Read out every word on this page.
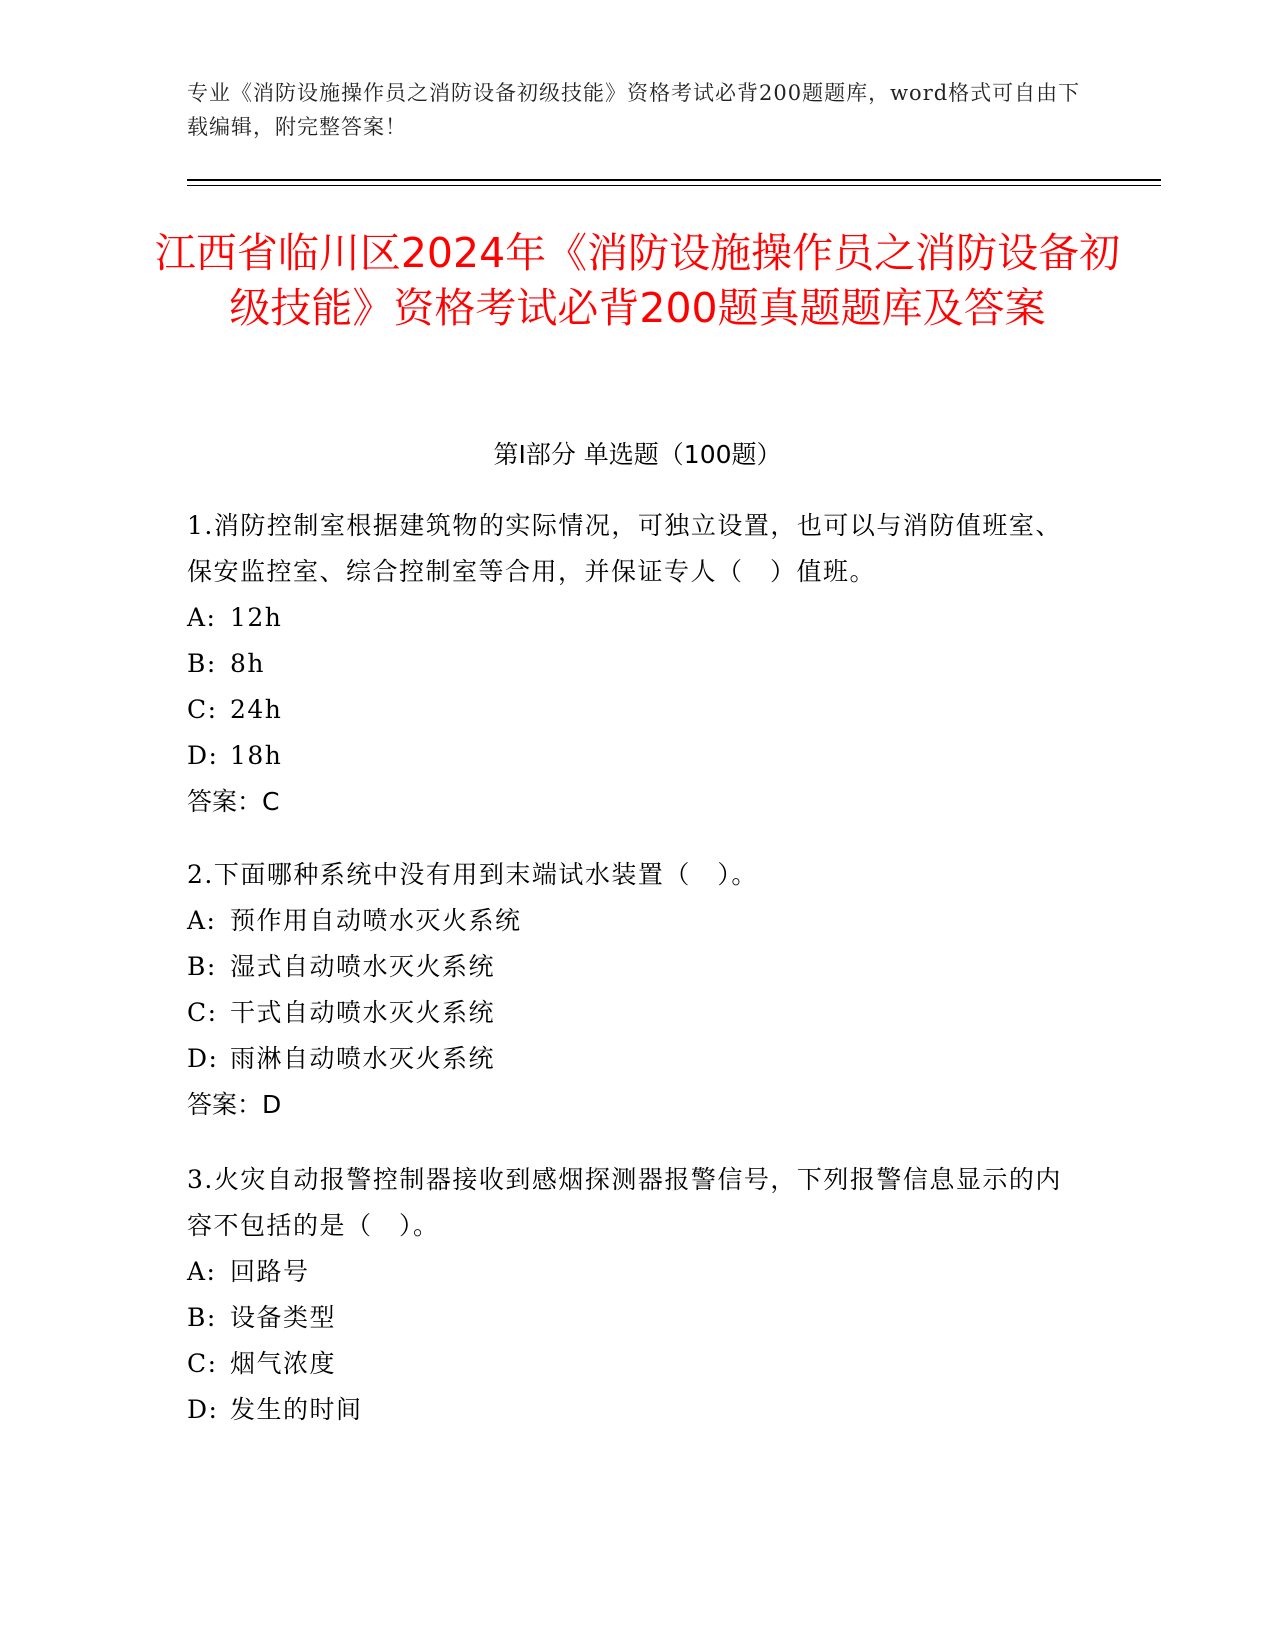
专业《消防设施操作员之消防设备初级技能》资格考试必背200题题库，word格式可自由下载编辑，附完整答案！
江西省临川区2024年《消防设施操作员之消防设备初级技能》资格考试必背200题真题题库及答案
第Ⅰ部分 单选题（100题）

1.消防控制室根据建筑物的实际情况，可独立设置，也可以与消防值班室、保安监控室、综合控制室等合用，并保证专人（　）值班。

A: 12h

B: 8h

C: 24h

D: 18h

答案：C

2.下面哪种系统中没有用到末端试水装置（　）。

A: 预作用自动喷水灭火系统

B: 湿式自动喷水灭火系统

C: 干式自动喷水灭火系统

D: 雨淋自动喷水灭火系统

答案：D

3.火灾自动报警控制器接收到感烟探测器报警信号，下列报警信息显示的内容不包括的是（　）。

A: 回路号

B: 设备类型

C: 烟气浓度

D: 发生的时间
